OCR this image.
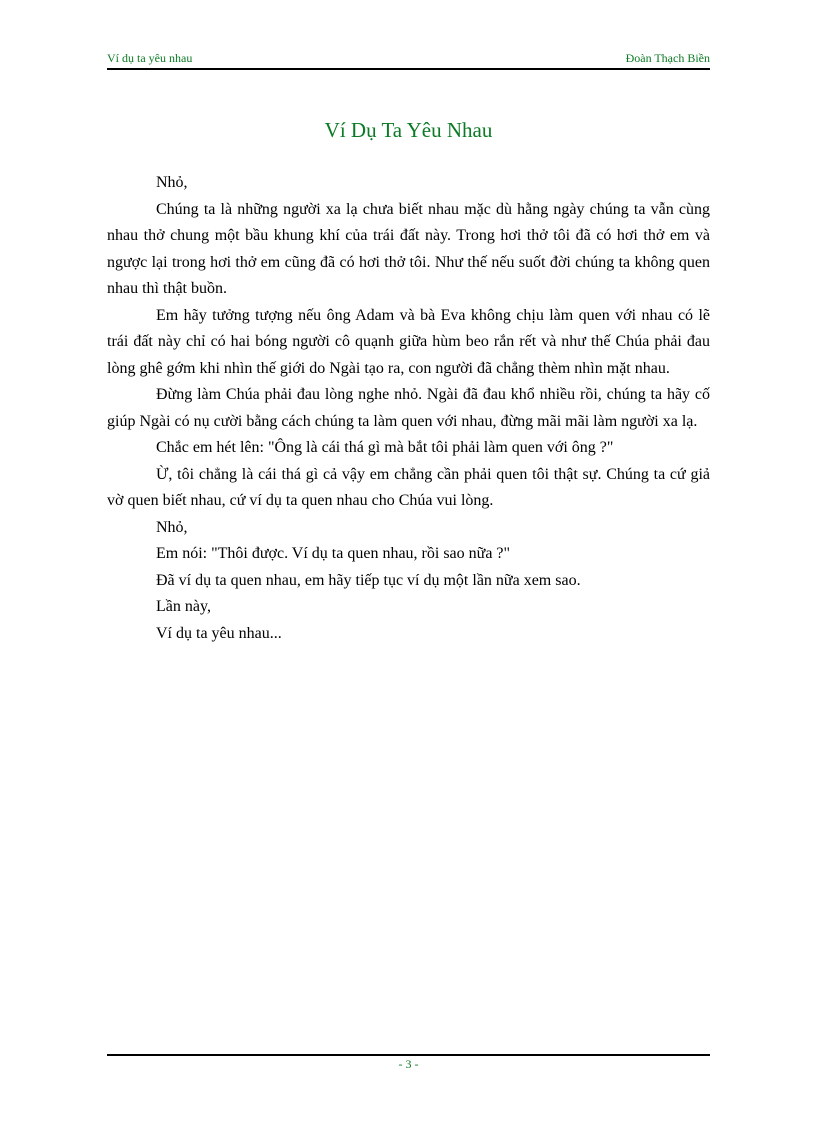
Ví dụ ta yêu nhau	Đoàn Thạch Biền
Ví Dụ Ta Yêu Nhau

Nhỏ,

Chúng ta là những người xa lạ chưa biết nhau mặc dù hằng ngày chúng ta vẫn cùng nhau thở chung một bầu khung khí của trái đất này. Trong hơi thở tôi đã có hơi thở em và ngược lại trong hơi thở em cũng đã có hơi thở tôi. Như thế nếu suốt đời chúng ta không quen nhau thì thật buồn.

Em hãy tưởng tượng nếu ông Adam và bà Eva không chịu làm quen với nhau có lẽ trái đất này chỉ có hai bóng người cô quạnh giữa hùm beo rắn rết và như thế Chúa phải đau lòng ghê gớm khi nhìn thế giới do Ngài tạo ra, con người đã chẳng thèm nhìn mặt nhau.

Đừng làm Chúa phải đau lòng nghe nhỏ. Ngài đã đau khổ nhiều rồi, chúng ta hãy cố giúp Ngài có nụ cười bằng cách chúng ta làm quen với nhau, đừng mãi mãi làm người xa lạ.

Chắc em hét lên: "Ông là cái thá gì mà bắt tôi phải làm quen với ông ?"

Ừ, tôi chẳng là cái thá gì cả vậy em chẳng cần phải quen tôi thật sự. Chúng ta cứ giả vờ quen biết nhau, cứ ví dụ ta quen nhau cho Chúa vui lòng.

Nhỏ,

Em nói: "Thôi được. Ví dụ ta quen nhau, rồi sao nữa ?"

Đã ví dụ ta quen nhau, em hãy tiếp tục ví dụ một lần nữa xem sao.

Lần này,

Ví dụ ta yêu nhau...

- 3 -
